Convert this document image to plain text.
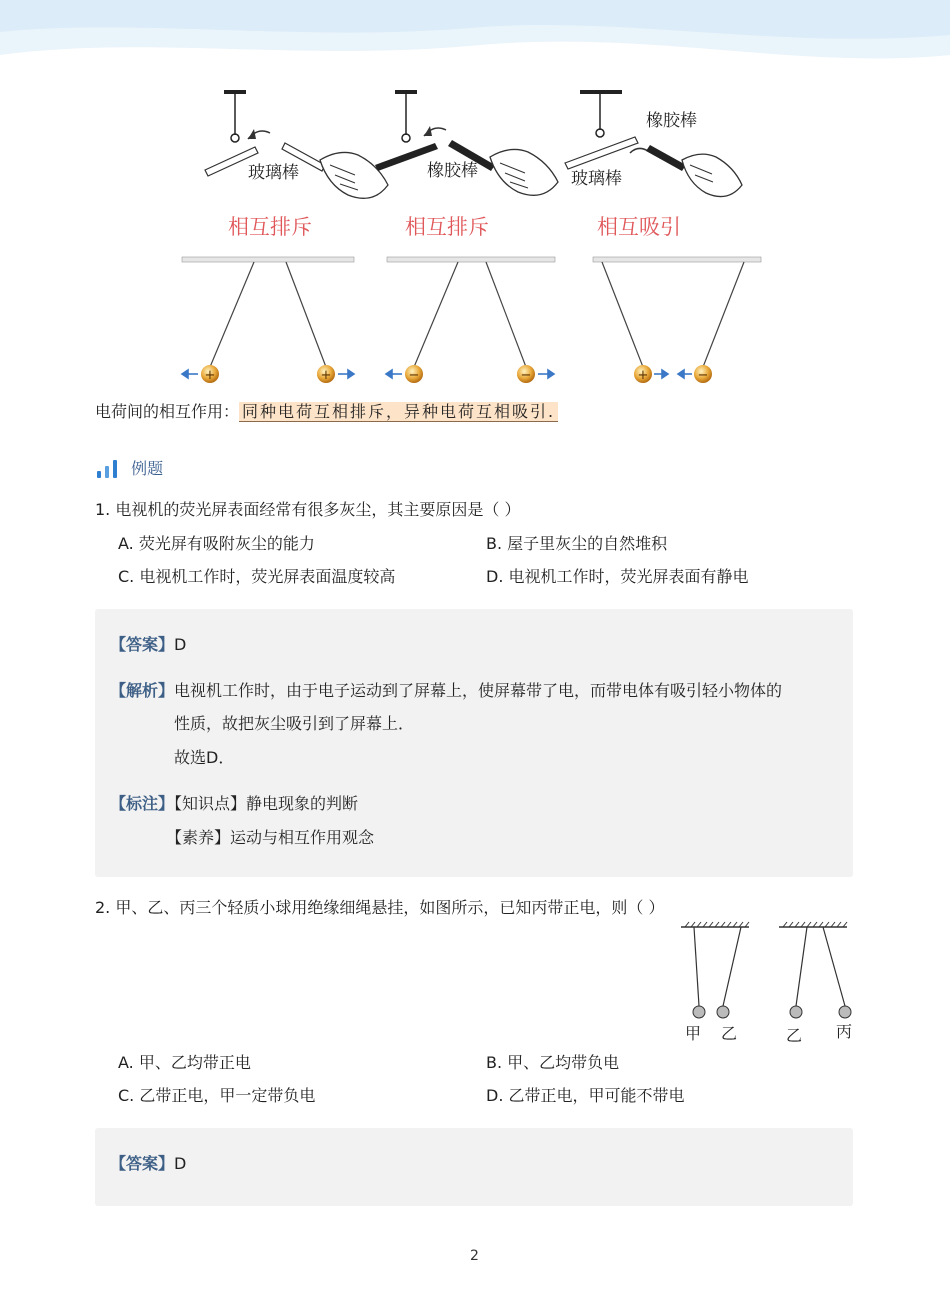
+	+	−	−	+	−
玻璃棒	橡胶棒
橡胶棒
玻璃棒
相互排斥	相互排斥	相互吸引
电荷间的相互作用： 同种电荷互相排斥，异种电荷互相吸引.
例题
1. 电视机的荧光屏表面经常有很多灰尘，其主要原因是（ ）
A. 荧光屏有吸附灰尘的能力	B. 屋子里灰尘的自然堆积
C. 电视机工作时，荧光屏表面温度较高	D. 电视机工作时，荧光屏表面有静电
【答案】D
【解析】电视机工作时，由于电子运动到了屏幕上，使屏幕带了电，而带电体有吸引轻小物体的
性质，故把灰尘吸引到了屏幕上．
故选D．
【标注】【知识点】静电现象的判断
【素养】运动与相互作用观念
2. 甲、乙、丙三个轻质小球用绝缘细绳悬挂，如图所示，已知丙带正电，则（ ）
甲 乙	乙 丙
A. 甲、乙均带正电	B. 甲、乙均带负电
C. 乙带正电，甲一定带负电	D. 乙带正电，甲可能不带电
【答案】D
2
